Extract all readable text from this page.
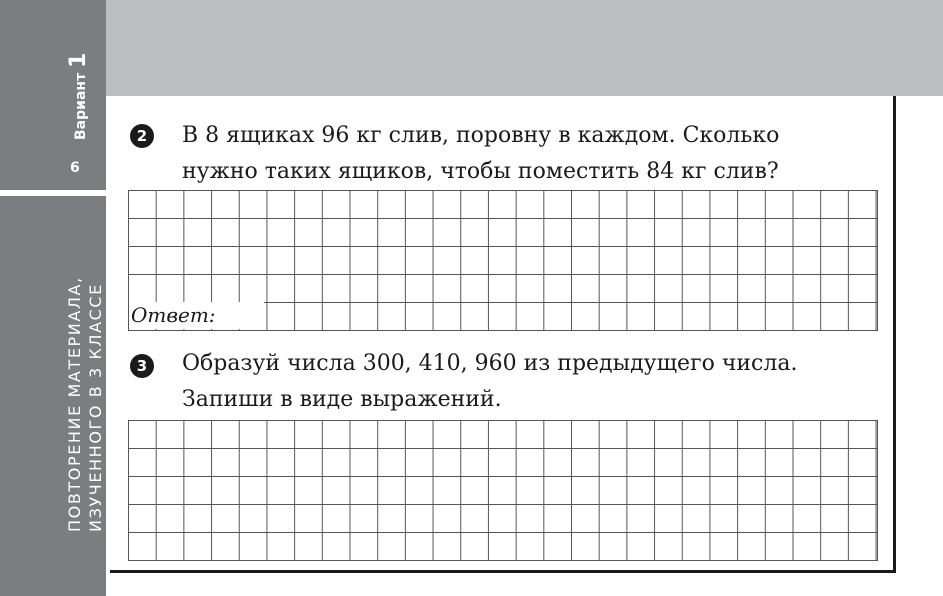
Вариант 1
6
ПОВТОРЕНИЕ МАТЕРИАЛА, ИЗУЧЕННОГО В 3 КЛАССЕ
2	В 8 ящиках 96 кг слив, поровну в каждом. Сколько
нужно таких ящиков, чтобы поместить 84 кг слив?
Ответ:
3	Образуй числа 300, 410, 960 из предыдущего числа.
Запиши в виде выражений.
